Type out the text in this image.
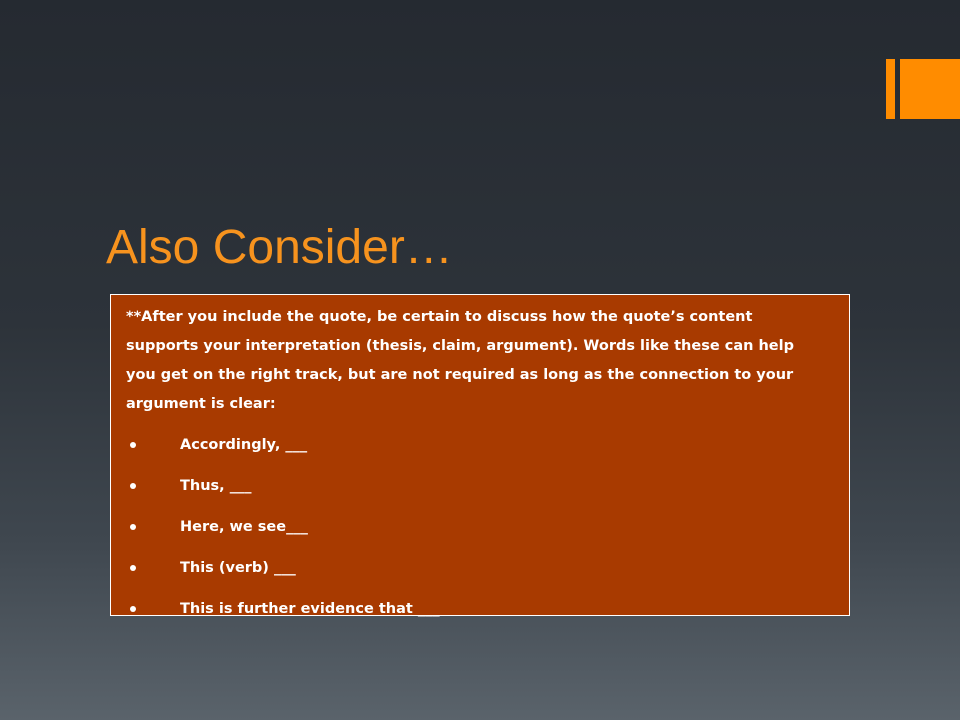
Also Consider…

**After you include the quote, be certain to discuss how the quote’s content supports your interpretation (thesis, claim, argument). Words like these can help you get on the right track, but are not required as long as the connection to your argument is clear:

Accordingly, ___
Thus, ___
Here, we see___
This (verb) ___
This is further evidence that ___
